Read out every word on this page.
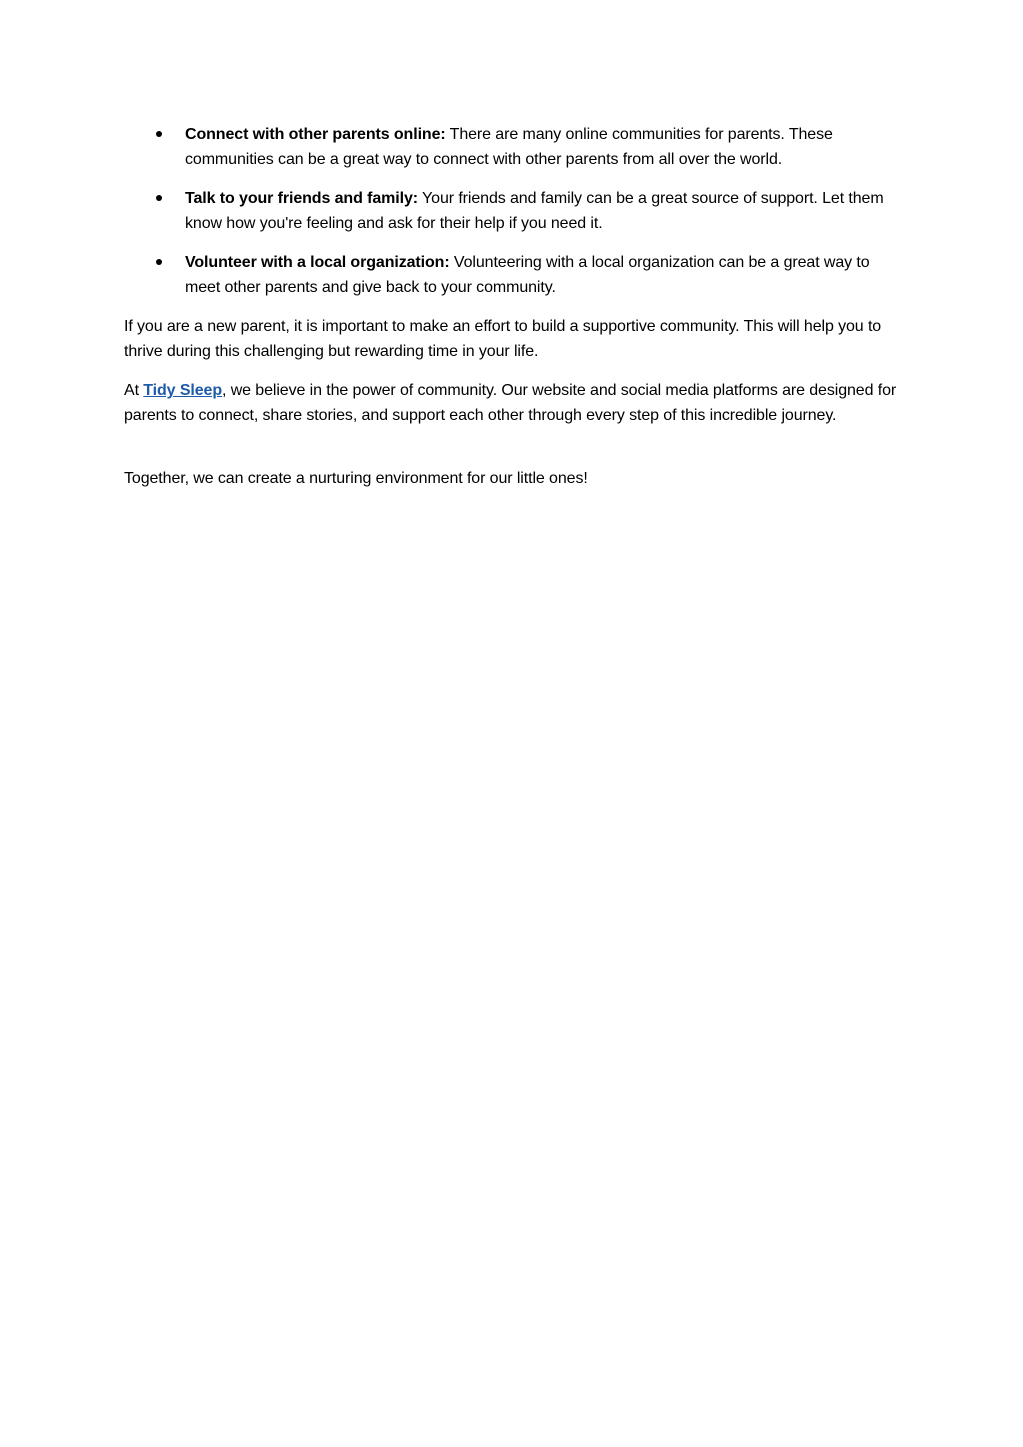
Connect with other parents online: There are many online communities for parents. These communities can be a great way to connect with other parents from all over the world.
Talk to your friends and family: Your friends and family can be a great source of support. Let them know how you're feeling and ask for their help if you need it.
Volunteer with a local organization: Volunteering with a local organization can be a great way to meet other parents and give back to your community.

If you are a new parent, it is important to make an effort to build a supportive community. This will help you to thrive during this challenging but rewarding time in your life.

At Tidy Sleep, we believe in the power of community. Our website and social media platforms are designed for parents to connect, share stories, and support each other through every step of this incredible journey.

Together, we can create a nurturing environment for our little ones!
